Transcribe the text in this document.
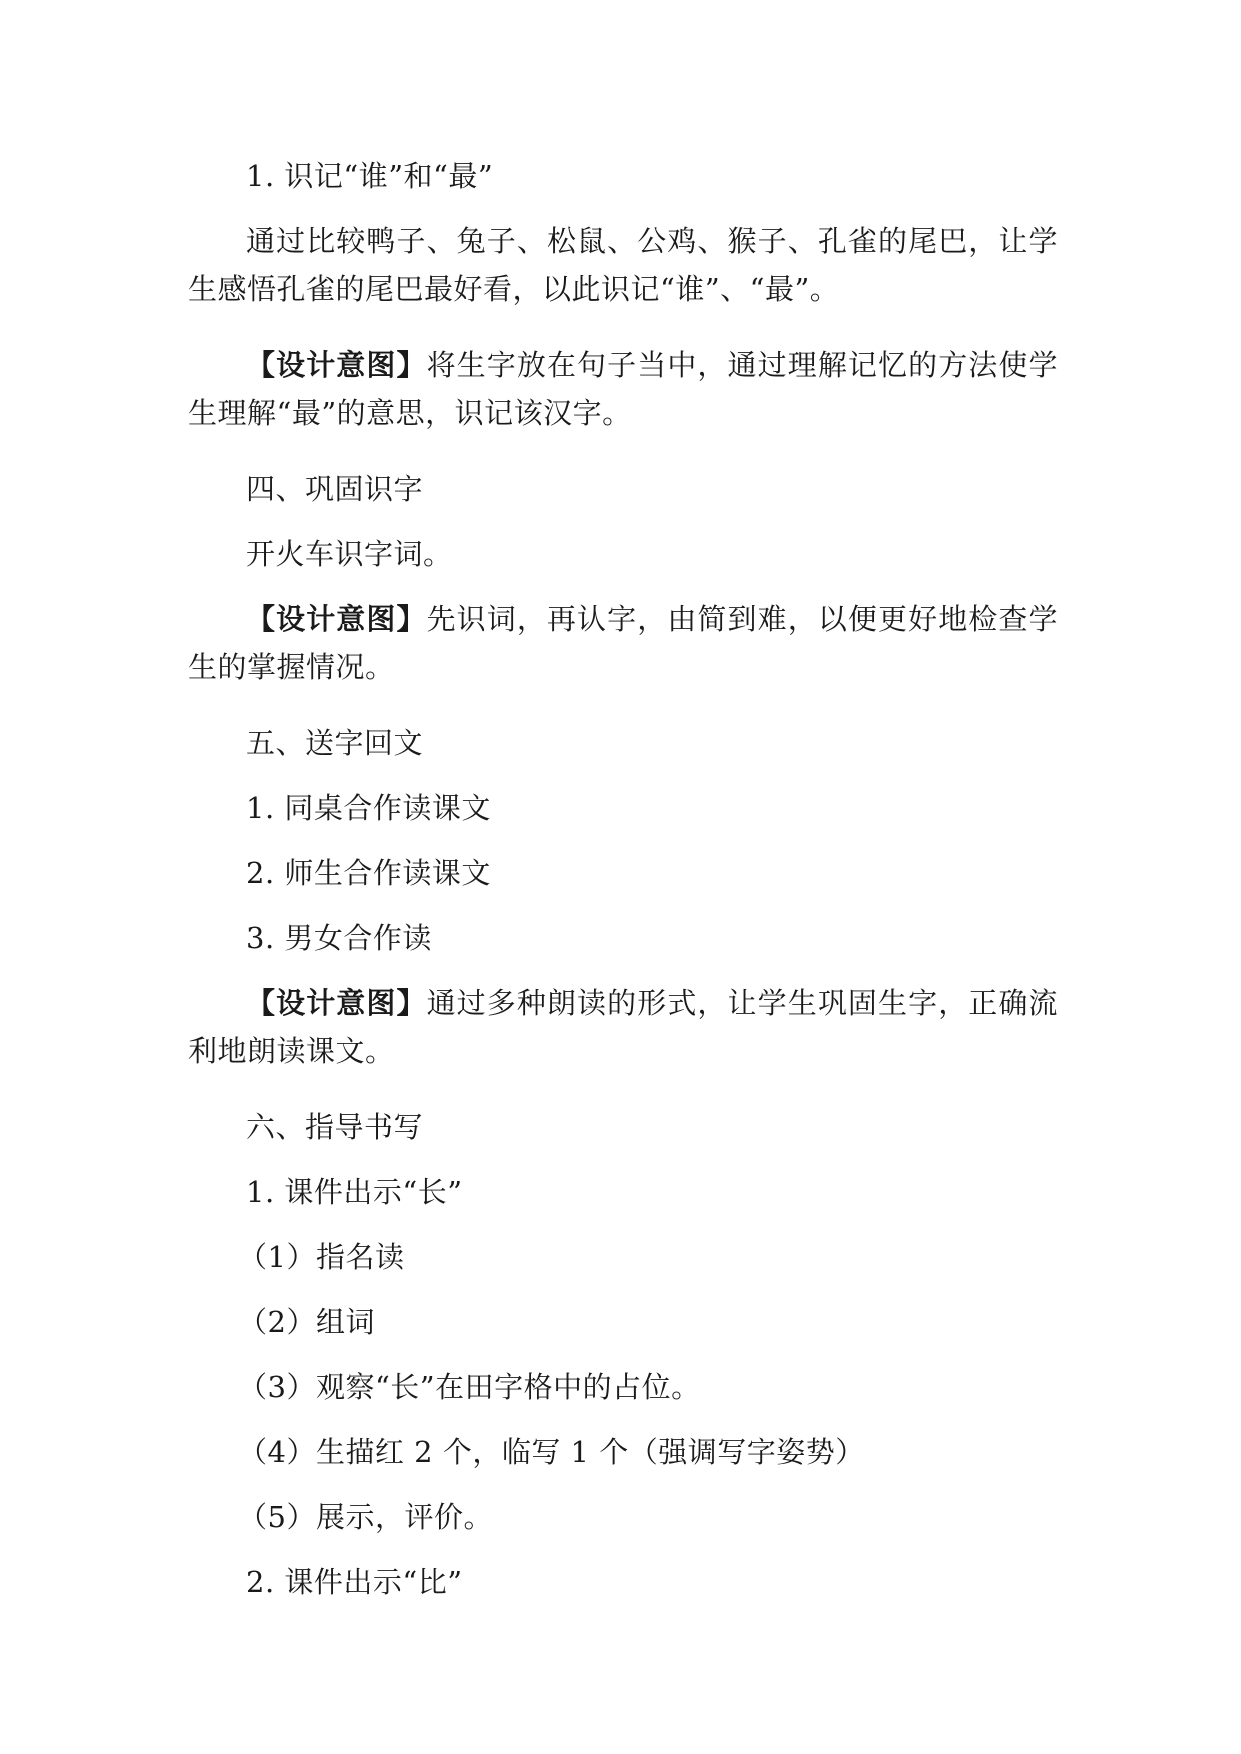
1. 识记“谁”和“最”

通过比较鸭子、兔子、松鼠、公鸡、猴子、孔雀的尾巴，让学生感悟孔雀的尾巴最好看，以此识记“谁”、“最”。

【设计意图】将生字放在句子当中，通过理解记忆的方法使学生理解“最”的意思，识记该汉字。

四、巩固识字

开火车识字词。

【设计意图】先识词，再认字，由简到难，以便更好地检查学生的掌握情况。

五、送字回文

1. 同桌合作读课文

2. 师生合作读课文

3. 男女合作读

【设计意图】通过多种朗读的形式，让学生巩固生字，正确流利地朗读课文。

六、指导书写

1. 课件出示“长”

（1）指名读

（2）组词

（3）观察“长”在田字格中的占位。

（4）生描红 2 个，临写 1 个（强调写字姿势）

（5）展示，评价。

2. 课件出示“比”
